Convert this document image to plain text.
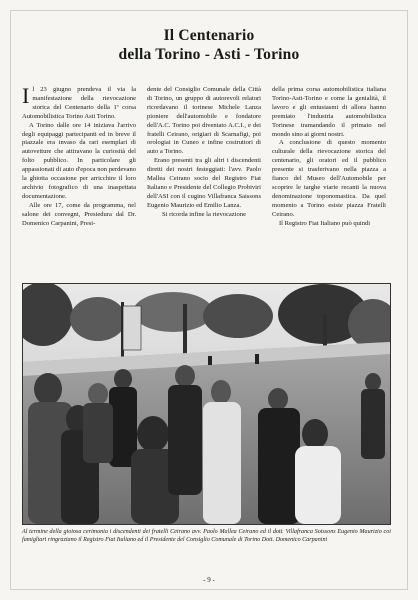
Il Centenario
della Torino - Asti - Torino

Il 23 giugno prendeva il via la manifestazione della rievocazione storica del Centenario della 1ª corsa Automobilistica Torino Asti Torino.

A Torino dalle ore 14 iniziava l'arrivo degli equipaggi partecipanti ed in breve il piazzale era invaso da rari esemplari di autovetture che attiravano la curiosità del folto pubblico. In particolare gli appassionati di auto d'epoca non perdevano la ghiotta occasione per arricchire il loro archivio fotografico di una inaspettata documentazione.

Alle ore 17, come da programma, nel salone dei convegni, Presiedura dal Dr. Domenico Carpanini, Presi-

dente del Consiglio Comunale della Città di Torino, un gruppo di autorevoli relatori ricordavano il torinese Michele Lanza pioniere dell'automobile e fondatore dell'A.C. Torino poi diventato A.C.I., e dei fratelli Ceirano, origiari di Scarnafigi, poi orologiai in Cuneo e infine costruttori di auto a Torino.

Erano presenti tra gli altri i discendenti diretti dei nostri festeggiati: l'avv. Paolo Mallea Ceirano socio del Registro Fiat Italiano e Presidente del Collegio Probiviri dell'ASI con il cugino Villafranca Saissons Eugenio Maurizio ed Emilio Lanza.

Si ricorda infine la rievocazione

della prima corsa automobilistica italiana Torino-Asti-Torino e come la genialità, il lavoro e gli entusiasmi di allora hanno premiato l'industria automobilistica Torinese tramandando il primato nel mondo sino ai giorni nostri.

A conclusione di questo momento culturale della rievocazione storica del centenario, gli oratori ed il pubblico presente si trasferivano nella piazza a fianco del Museo dell'Automobile per scoprire le targhe viarie recanti la nuova denominazione toponomastica. Da quel momento a Torino esiste piazza Fratelli Ceirano.

Il Registro Fiat Italiano può quindi

Al termine della gioiosa cerimonia i discendenti dei fratelli Ceirano avv. Paolo Mallea Ceirano ed il dott. Villafranca Soissons Eugenio Maurizio coi famigliari ringraziano il Registro Fiat Italiano ed il Presidente del Consiglio Comunale di Torino Dott. Domenico Carpanini
- 9 -
